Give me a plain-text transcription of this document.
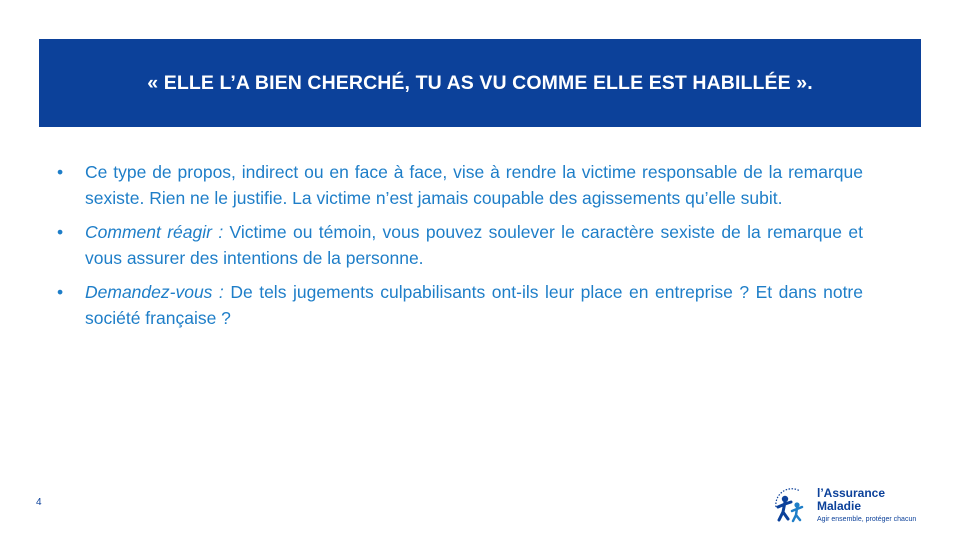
« ELLE L’A BIEN CHERCHÉ, TU AS VU COMME ELLE EST HABILLÉE ».
•	Ce type de propos, indirect ou en face à face, vise à rendre la victime responsable de la remarque sexiste. Rien ne le justifie. La victime n’est jamais coupable des agissements qu’elle subit.
•	Comment réagir : Victime ou témoin, vous pouvez soulever le caractère sexiste de la remarque et vous assurer des intentions de la personne.
•	Demandez-vous : De tels jugements culpabilisants ont-ils leur place en entreprise ? Et dans notre société française ?
4
l’Assurance
Maladie
Agir ensemble, protéger chacun
